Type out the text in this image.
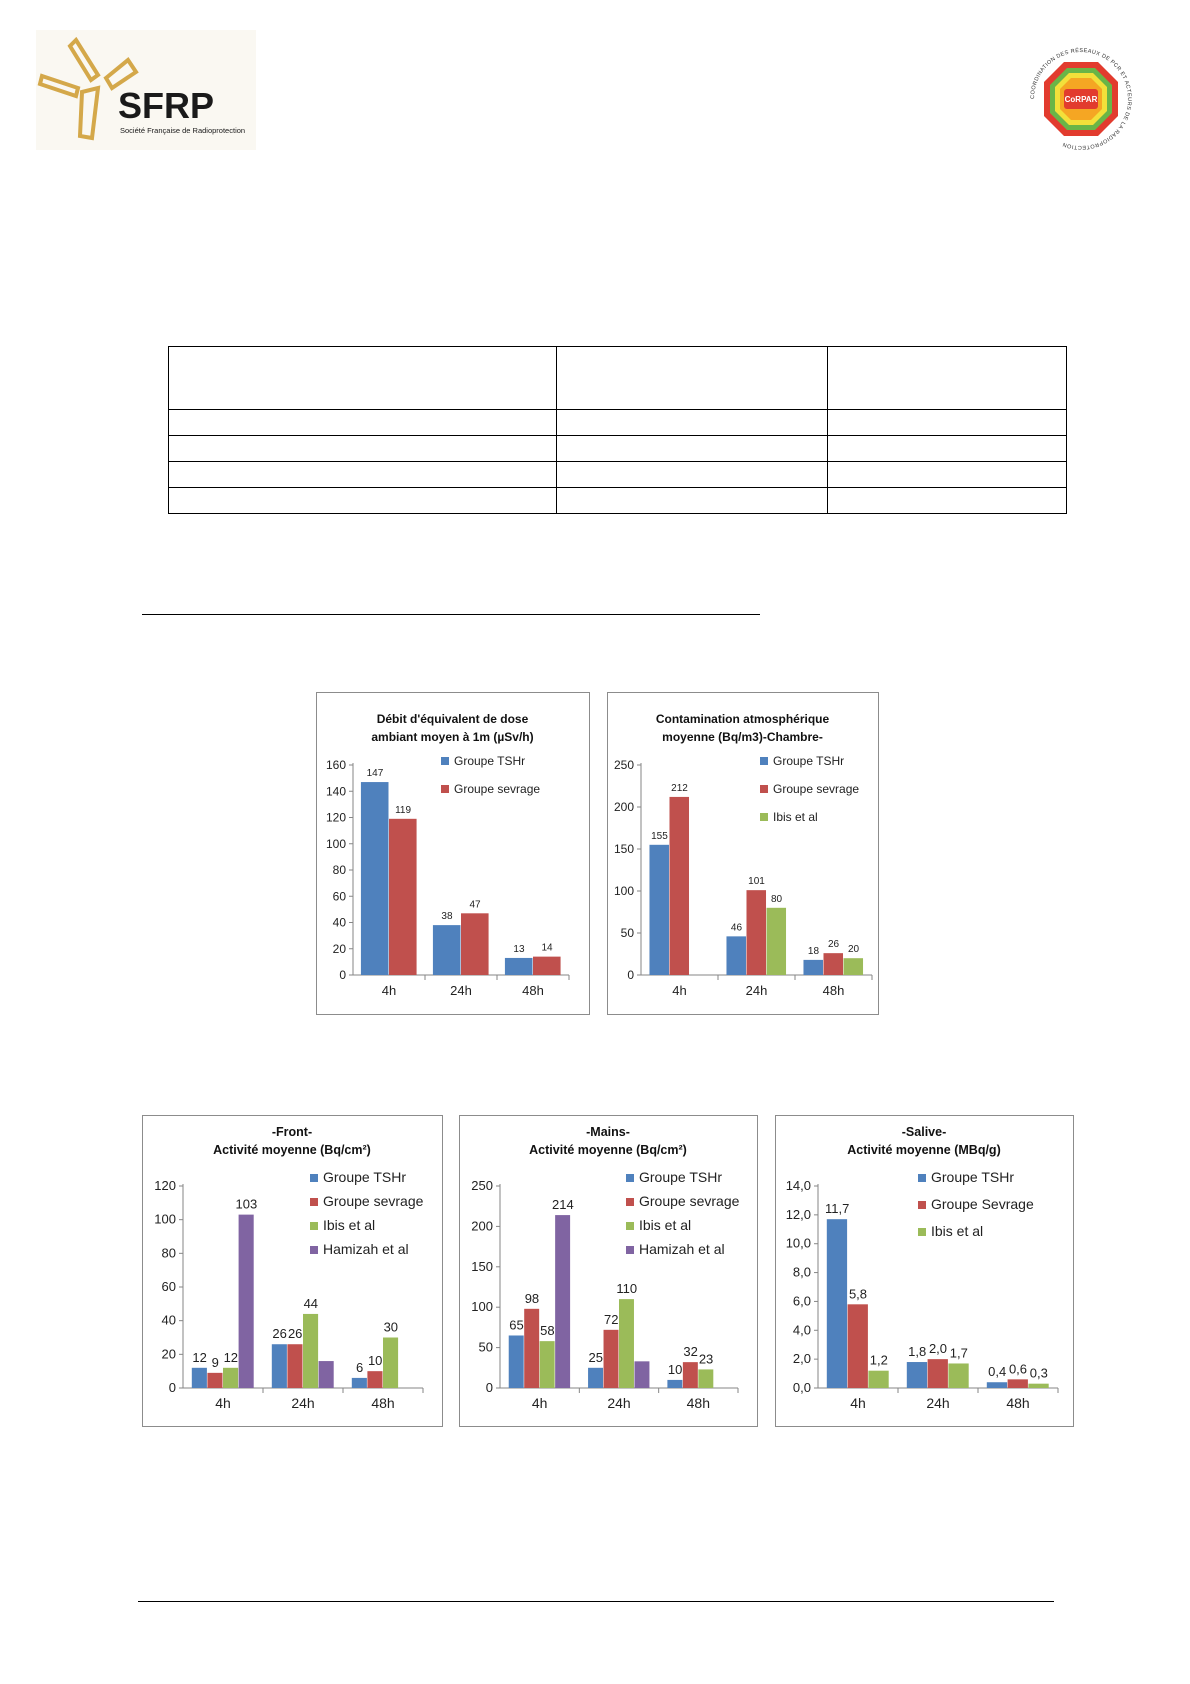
SFRP
Société Française de Radioprotection
COORDINATION DES RÉSEAUX DE PCR ET ACTEURS DE LA RADIOPROTECTION
CoRPAR

Débit d'équivalent de dose
ambiant moyen à 1m (µSv/h)
0
20
40
60
80
100
120
140
160
4h	24h	48h
147
38
13
119
47
14
Groupe TSHr
Groupe sevrage
Contamination atmosphérique
moyenne (Bq/m3)-Chambre-
0
50
100
150
200
250
4h	24h	48h
155
46
18
212
101
26
80
20
Groupe TSHr
Groupe sevrage
Ibis et al
-Front-
Activité moyenne (Bq/cm²)
0
20
40
60
80
100
120
4h	24h	48h
12
26
6
9
26
10
12
44
30
103
Groupe TSHr
Groupe sevrage
Ibis et al
Hamizah et al
-Mains-
Activité moyenne (Bq/cm²)
0
50
100
150
200
250
4h	24h	48h
65
25
10
98
72
32
58
110
23
214
Groupe TSHr
Groupe sevrage
Ibis et al
Hamizah et al
-Salive-
Activité moyenne (MBq/g)
0,0
2,0
4,0
6,0
8,0
10,0
12,0
14,0
4h	24h	48h
11,7
1,8
0,4
5,8
2,0
0,6
1,2	1,7
0,3
Groupe TSHr
Groupe Sevrage
Ibis et al
